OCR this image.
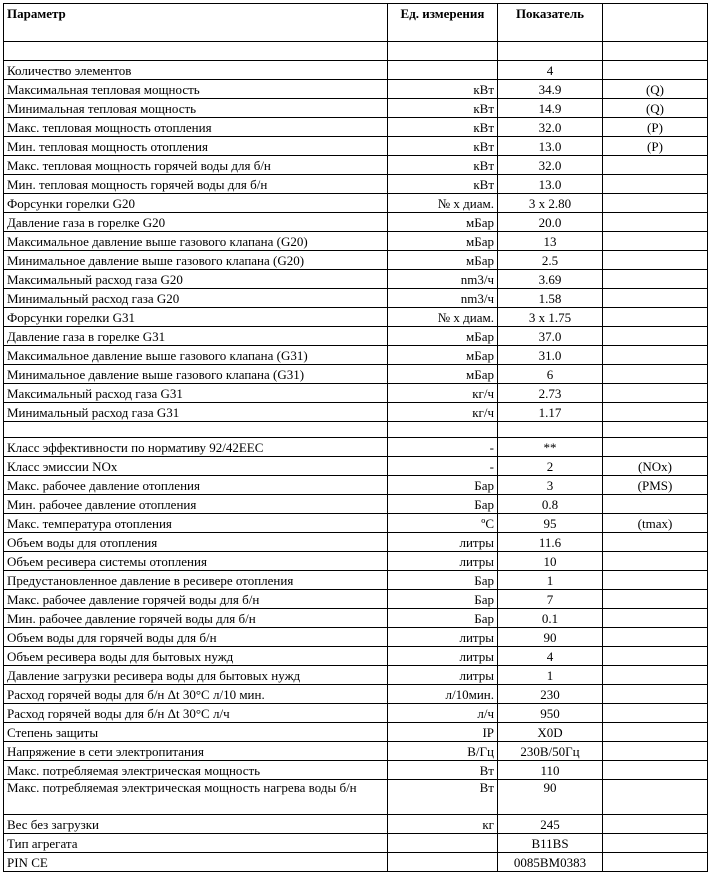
Параметр	Ед. измерения	Показатель	

Количество элементов		4	
Максимальная тепловая мощность	кВт	34.9	(Q)
Минимальная тепловая мощность	кВт	14.9	(Q)
Макс. тепловая мощность отопления	кВт	32.0	(P)
Мин. тепловая мощность отопления	кВт	13.0	(P)
Макс. тепловая мощность горячей воды для б/н	кВт	32.0	
Мин. тепловая мощность горячей воды для б/н	кВт	13.0	
Форсунки горелки G20	№ х диам.	3 х 2.80	
Давление газа в горелке G20	мБар	20.0	
Максимальное давление выше газового клапана (G20)	мБар	13	
Минимальное давление выше газового клапана (G20)	мБар	2.5	
Максимальный расход газа G20	nm3/ч	3.69	
Минимальный расход газа G20	nm3/ч	1.58	
Форсунки горелки G31	№ х диам.	3 х 1.75	
Давление газа в горелке G31	мБар	37.0	
Максимальное давление выше газового клапана (G31)	мБар	31.0	
Минимальное давление выше газового клапана (G31)	мБар	6	
Максимальный расход газа G31	кг/ч	2.73	
Минимальный расход газа G31	кг/ч	1.17	

Класс эффективности по нормативу 92/42EEC	-	**	
Класс эмиссии NOx	-	2	(NOx)
Макс. рабочее давление отопления	Бар	3	(PMS)
Мин. рабочее давление отопления	Бар	0.8	
Макс. температура отопления	ºC	95	(tmax)
Объем воды для отопления	литры	11.6	
Объем ресивера системы отопления	литры	10	
Предустановленное давление в ресивере отопления	Бар	1	
Макс. рабочее давление горячей воды для б/н	Бар	7	
Мин. рабочее давление горячей воды для б/н	Бар	0.1	
Объем воды для горячей воды для б/н	литры	90	
Объем ресивера воды для бытовых нужд	литры	4	
Давление загрузки ресивера воды для бытовых нужд	литры	1	
Расход горячей воды для б/н Δt 30°C л/10 мин.	л/10мин.	230	
Расход горячей воды для б/н Δt 30°C л/ч	л/ч	950	
Степень защиты	IP	X0D	
Напряжение в сети электропитания	В/Гц	230В/50Гц	
Макс. потребляемая электрическая мощность	Вт	110	
Макс. потребляемая электрическая мощность нагрева воды б/н	Вт	90	
Вес без загрузки	кг	245	
Тип агрегата		B11BS	
PIN CE		0085BM0383	
